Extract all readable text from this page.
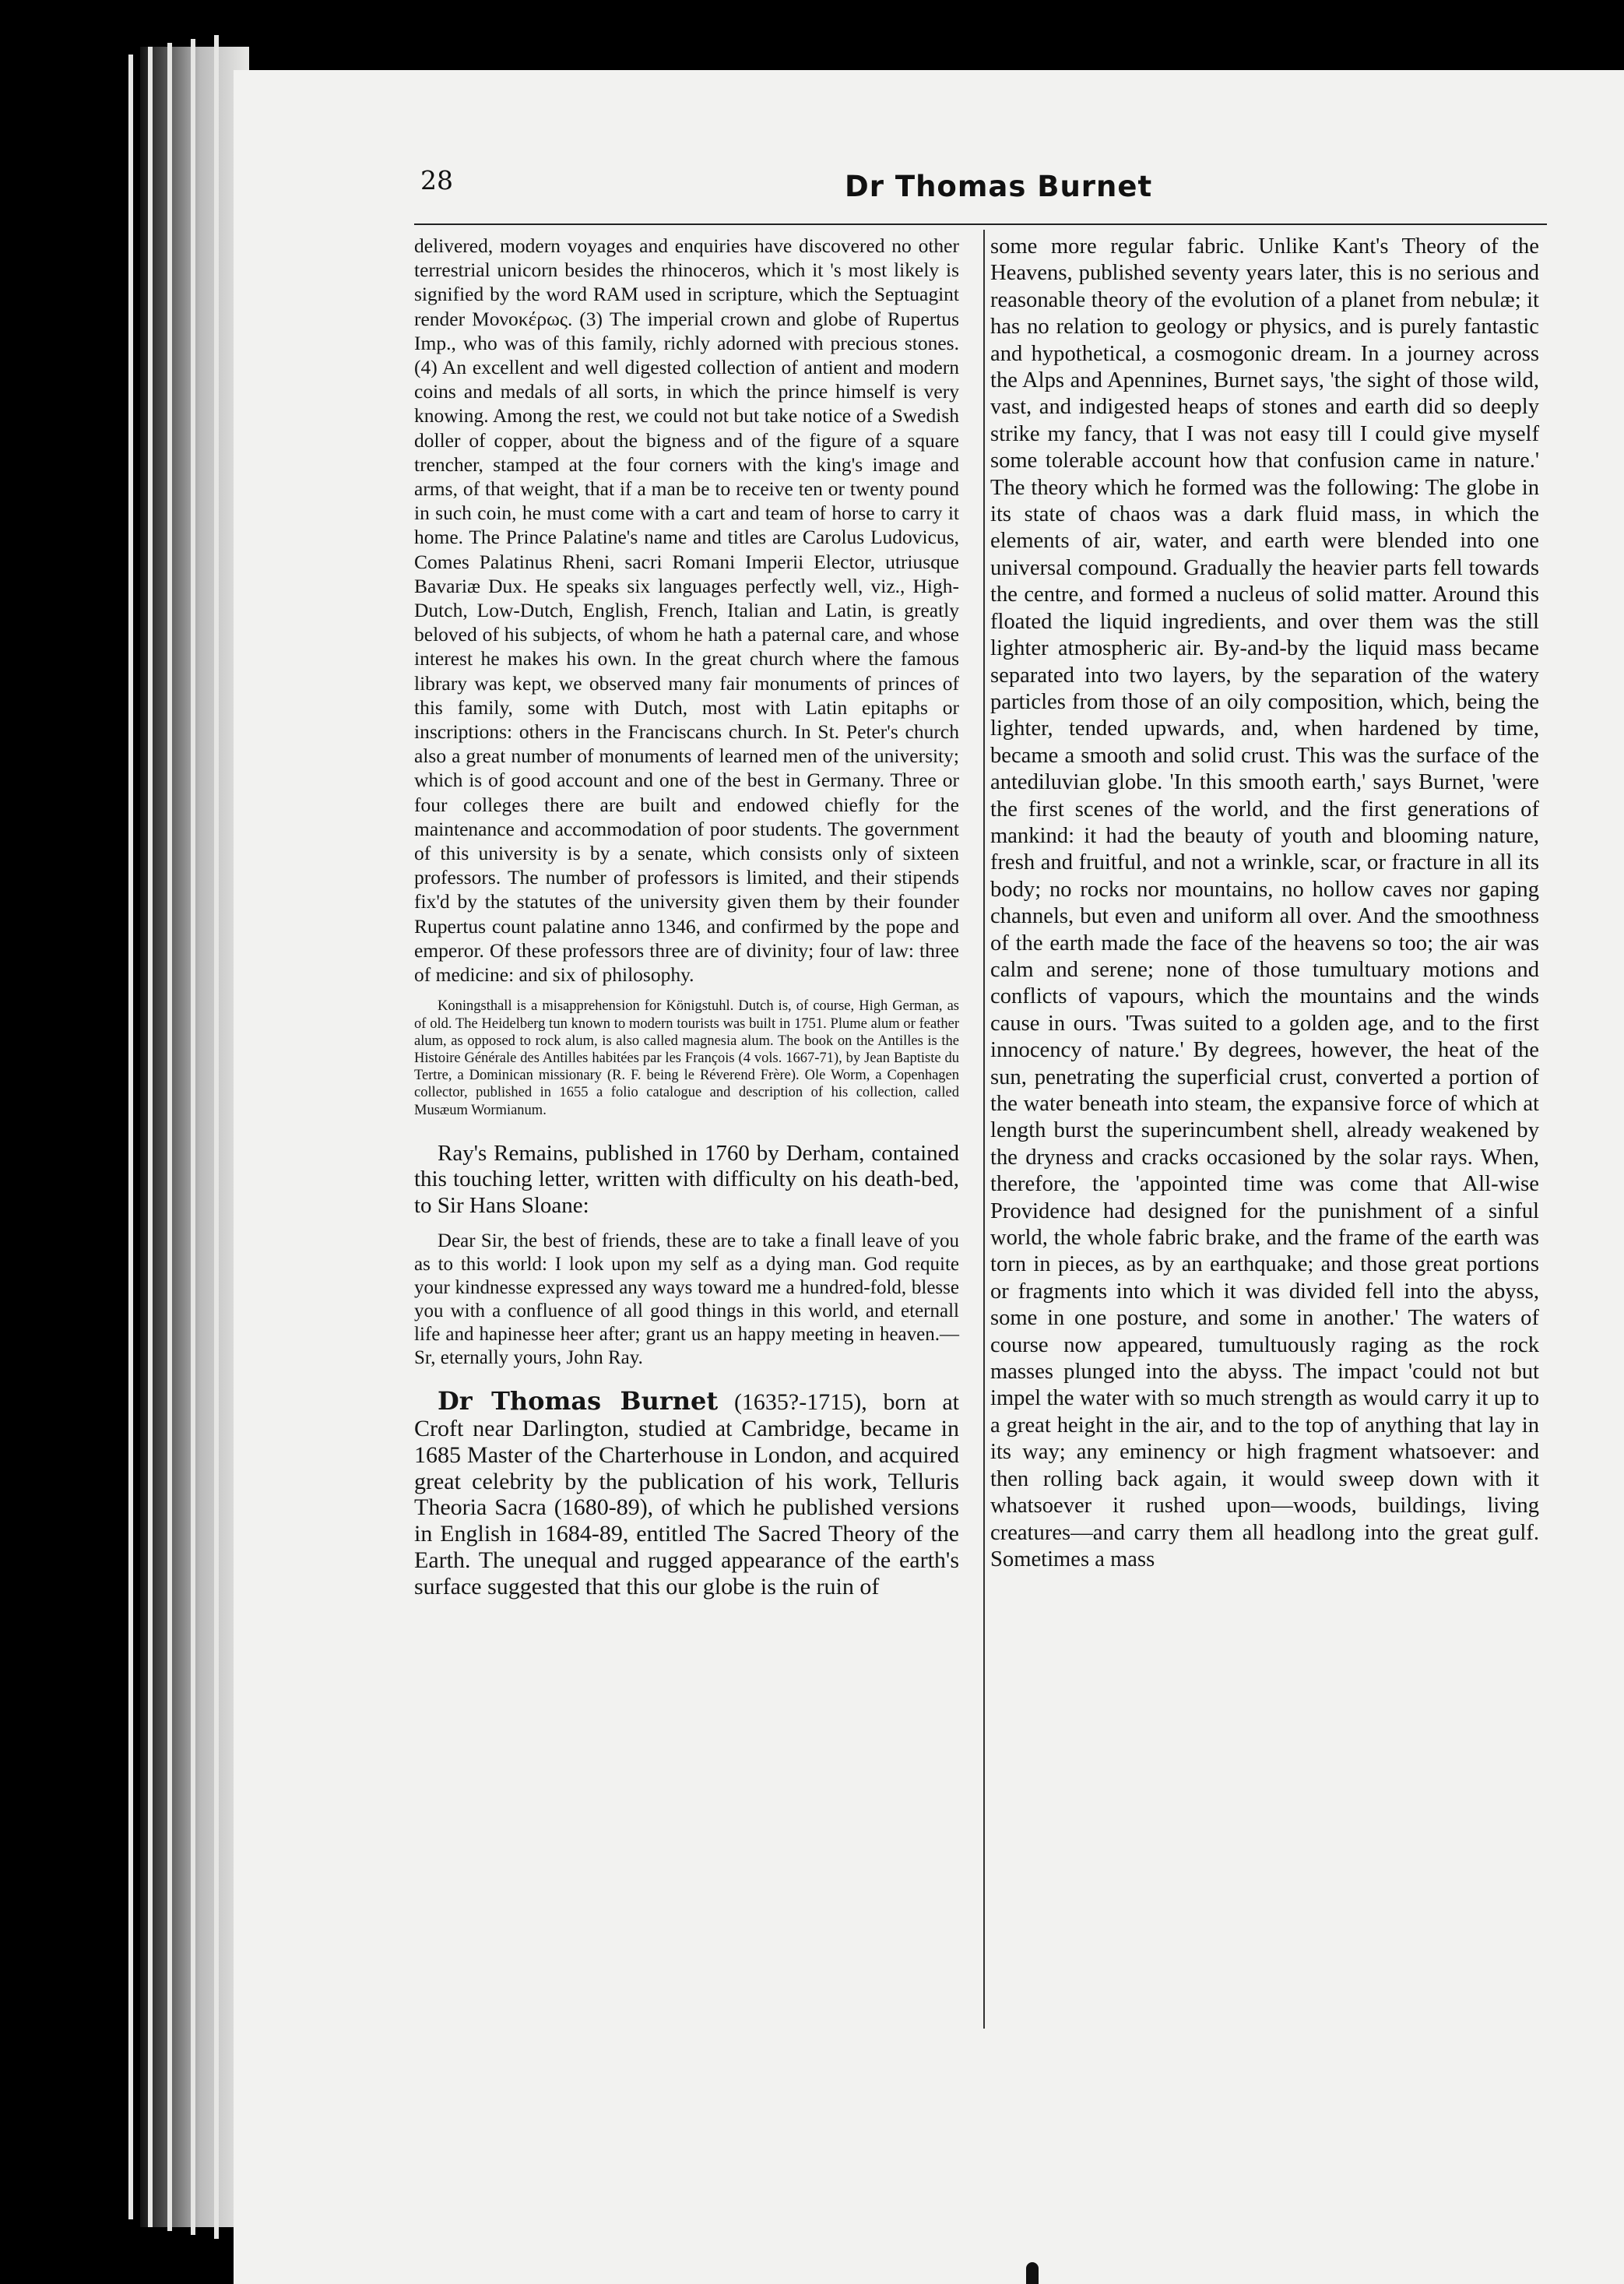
28	Dr Thomas Burnet

delivered, modern voyages and enquiries have discovered no other terrestrial unicorn besides the rhinoceros, which it 's most likely is signified by the word RAM used in scripture, which the Septuagint render Μονοκέρως. (3) The imperial crown and globe of Rupertus Imp., who was of this family, richly adorned with precious stones. (4) An excellent and well digested collection of antient and modern coins and medals of all sorts, in which the prince himself is very knowing. Among the rest, we could not but take notice of a Swedish doller of copper, about the bigness and of the figure of a square trencher, stamped at the four corners with the king's image and arms, of that weight, that if a man be to receive ten or twenty pound in such coin, he must come with a cart and team of horse to carry it home. The Prince Palatine's name and titles are Carolus Ludovicus, Comes Palatinus Rheni, sacri Romani Imperii Elector, utriusque Bavariæ Dux. He speaks six languages perfectly well, viz., High-Dutch, Low-Dutch, English, French, Italian and Latin, is greatly beloved of his subjects, of whom he hath a paternal care, and whose interest he makes his own. In the great church where the famous library was kept, we observed many fair monuments of princes of this family, some with Dutch, most with Latin epitaphs or inscriptions: others in the Franciscans church. In St. Peter's church also a great number of monuments of learned men of the university; which is of good account and one of the best in Germany. Three or four colleges there are built and endowed chiefly for the maintenance and accommodation of poor students. The government of this university is by a senate, which consists only of sixteen professors. The number of professors is limited, and their stipends fix'd by the statutes of the university given them by their founder Rupertus count palatine anno 1346, and confirmed by the pope and emperor. Of these professors three are of divinity; four of law: three of medicine: and six of philosophy.

Koningsthall is a misapprehension for Königstuhl. Dutch is, of course, High German, as of old. The Heidelberg tun known to modern tourists was built in 1751. Plume alum or feather alum, as opposed to rock alum, is also called magnesia alum. The book on the Antilles is the Histoire Générale des Antilles habitées par les François (4 vols. 1667-71), by Jean Baptiste du Tertre, a Dominican missionary (R. F. being le Réverend Frère). Ole Worm, a Copenhagen collector, published in 1655 a folio catalogue and description of his collection, called Musæum Wormianum.

Ray's Remains, published in 1760 by Derham, contained this touching letter, written with difficulty on his death-bed, to Sir Hans Sloane:

Dear Sir, the best of friends, these are to take a finall leave of you as to this world: I look upon my self as a dying man. God requite your kindnesse expressed any ways toward me a hundred-fold, blesse you with a confluence of all good things in this world, and eternall life and hapinesse heer after; grant us an happy meeting in heaven.—Sr, eternally yours, John Ray.

Dr Thomas Burnet (1635?-1715), born at Croft near Darlington, studied at Cambridge, became in 1685 Master of the Charterhouse in London, and acquired great celebrity by the publication of his work, Telluris Theoria Sacra (1680-89), of which he published versions in English in 1684-89, entitled The Sacred Theory of the Earth. The unequal and rugged appearance of the earth's surface suggested that this our globe is the ruin of

some more regular fabric. Unlike Kant's Theory of the Heavens, published seventy years later, this is no serious and reasonable theory of the evolution of a planet from nebulæ; it has no relation to geology or physics, and is purely fantastic and hypothetical, a cosmogonic dream. In a journey across the Alps and Apennines, Burnet says, 'the sight of those wild, vast, and indigested heaps of stones and earth did so deeply strike my fancy, that I was not easy till I could give myself some tolerable account how that confusion came in nature.' The theory which he formed was the following: The globe in its state of chaos was a dark fluid mass, in which the elements of air, water, and earth were blended into one universal compound. Gradually the heavier parts fell towards the centre, and formed a nucleus of solid matter. Around this floated the liquid ingredients, and over them was the still lighter atmospheric air. By-and-by the liquid mass became separated into two layers, by the separation of the watery particles from those of an oily composition, which, being the lighter, tended upwards, and, when hardened by time, became a smooth and solid crust. This was the surface of the antediluvian globe. 'In this smooth earth,' says Burnet, 'were the first scenes of the world, and the first generations of mankind: it had the beauty of youth and blooming nature, fresh and fruitful, and not a wrinkle, scar, or fracture in all its body; no rocks nor mountains, no hollow caves nor gaping channels, but even and uniform all over. And the smoothness of the earth made the face of the heavens so too; the air was calm and serene; none of those tumultuary motions and conflicts of vapours, which the mountains and the winds cause in ours. 'Twas suited to a golden age, and to the first innocency of nature.' By degrees, however, the heat of the sun, penetrating the superficial crust, converted a portion of the water beneath into steam, the expansive force of which at length burst the superincumbent shell, already weakened by the dryness and cracks occasioned by the solar rays. When, therefore, the 'appointed time was come that All-wise Providence had designed for the punishment of a sinful world, the whole fabric brake, and the frame of the earth was torn in pieces, as by an earthquake; and those great portions or fragments into which it was divided fell into the abyss, some in one posture, and some in another.' The waters of course now appeared, tumultuously raging as the rock masses plunged into the abyss. The impact 'could not but impel the water with so much strength as would carry it up to a great height in the air, and to the top of anything that lay in its way; any eminency or high fragment whatsoever: and then rolling back again, it would sweep down with it whatsoever it rushed upon—woods, buildings, living creatures—and carry them all headlong into the great gulf. Sometimes a mass
